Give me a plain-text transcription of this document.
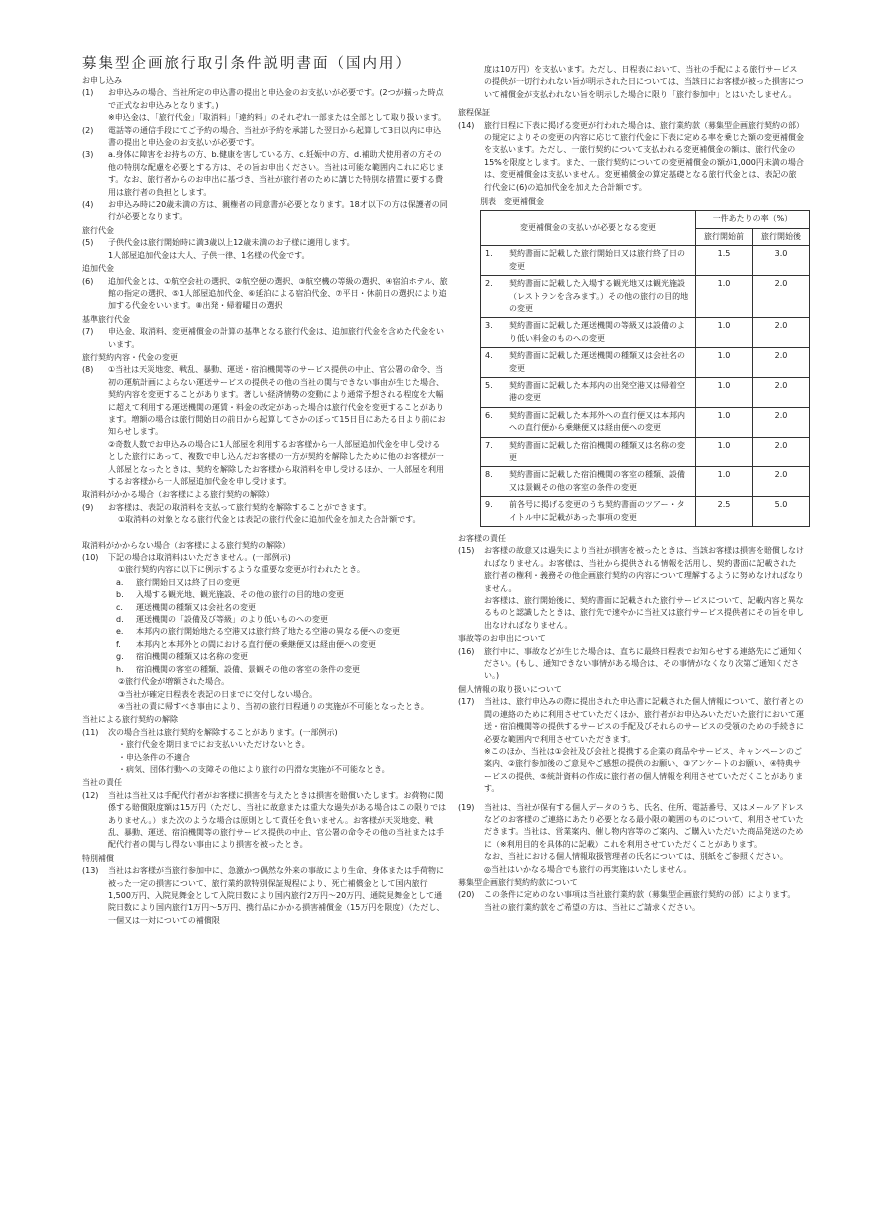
募集型企画旅行取引条件説明書面（国内用）
お申し込み
(1)	お申込みの場合、当社所定の申込書の提出と申込金のお支払いが必要です。(2つが揃った時点で正式なお申込みとなります。)

※申込金は、「旅行代金」「取消料」「違約料」のそれぞれ一部または全部として取り扱います。

(2)	電話等の通信手段にてご予約の場合、当社が予約を承諾した翌日から起算して3日以内に申込書の提出と申込金のお支払いが必要です。

(3)	a.身体に障害をお持ちの方、b.健康を害している方、c.妊娠中の方、d.補助犬使用者の方その他の特別な配慮を必要とする方は、その旨お申出ください。当社は可能な範囲内これに応じます。なお、旅行者からのお申出に基づき、当社が旅行者のために講じた特別な措置に要する費用は旅行者の負担とします。

(4)	お申込み時に20歳未満の方は、親権者の同意書が必要となります。18才以下の方は保護者の同行が必要となります。

旅行代金
(5)	子供代金は旅行開始時に満3歳以上12歳未満のお子様に適用します。

1人部屋追加代金は大人、子供一律、1名様の代金です。

追加代金
(6)	追加代金とは、①航空会社の選択、②航空便の選択、③航空機の等級の選択、④宿泊ホテル、旅館の指定の選択、⑤1人部屋追加代金、⑥延泊による宿泊代金、⑦平日・休前日の選択により追加する代金をいいます。⑧出発・帰着曜日の選択

基準旅行代金
(7)	申込金、取消料、変更補償金の計算の基準となる旅行代金は、追加旅行代金を含めた代金をいいます。

旅行契約内容・代金の変更
(8)	①当社は天災地変、戦乱、暴動、運送・宿泊機関等のサービス提供の中止、官公署の命令、当初の運航計画によらない運送サービスの提供その他の当社の関与できない事由が生じた場合、契約内容を変更することがあります。著しい経済情勢の変動により通常予想される程度を大幅に超えて利用する運送機関の運賃・料金の改定があった場合は旅行代金を変更することがあります。増額の場合は旅行開始日の前日から起算してさかのぼって15日目にあたる日より前にお知らせします。

②奇数人数でお申込みの場合に1人部屋を利用するお客様から一人部屋追加代金を申し受けるとした旅行にあって、複数で申し込んだお客様の一方が契約を解除したために他のお客様が一人部屋となったときは、契約を解除したお客様から取消料を申し受けるほか、一人部屋を利用するお客様から一人部屋追加代金を申し受けます。

取消料がかかる場合（お客様による旅行契約の解除）
(9)	お客様は、表記の取消料を支払って旅行契約を解除することができます。

①取消料の対象となる旅行代金とは表記の旅行代金に追加代金を加えた合計額です。

取消料がかからない場合（お客様による旅行契約の解除）
(10)	下記の場合は取消料はいただきません。(一部例示)

①旅行契約内容に以下に例示するような重要な変更が行われたとき。

a.	旅行開始日又は終了日の変更
b.	入場する観光地、観光施設、その他の旅行の目的地の変更
c.	運送機関の種類又は会社名の変更
d.	運送機関の「設備及び等級」のより低いものへの変更
e.	本邦内の旅行開始地たる空港又は旅行終了地たる空港の異なる便への変更
f.	本邦内と本邦外との間における直行便の乗継便又は経由便への変更
g.	宿泊機関の種類又は名称の変更
h.	宿泊機関の客室の種類、設備、景観その他の客室の条件の変更

②旅行代金が増額された場合。

③当社が確定日程表を表記の日までに交付しない場合。

④当社の責に帰すべき事由により、当初の旅行日程通りの実施が不可能となったとき。

当社による旅行契約の解除
(11)	次の場合当社は旅行契約を解除することがあります。(一部例示)

・旅行代金を期日までにお支払いいただけないとき。

・申込条件の不適合

・病気、団体行動への支障その他により旅行の円滑な実施が不可能なとき。

当社の責任
(12)	当社は当社又は手配代行者がお客様に損害を与えたときは損害を賠償いたします。お荷物に関係する賠償限度額は15万円（ただし、当社に故意または重大な過失がある場合はこの限りではありません。）また次のような場合は原則として責任を負いません。お客様が天災地変、戦乱、暴動、運送、宿泊機関等の旅行サービス提供の中止、官公署の命令その他の当社または手配代行者の関与し得ない事由により損害を被ったとき。

特別補償
(13)	当社はお客様が当旅行参加中に、急激かつ偶然な外来の事故により生命、身体または手荷物に被った一定の損害について、旅行業約款特別保証規程により、死亡補償金として国内旅行1,500万円、入院見舞金として入院日数により国内旅行2万円〜20万円、通院見舞金として通院日数により国内旅行1万円〜5万円、携行品にかかる損害補償金（15万円を限度）（ただし、一個又は一対についての補償限

度は10万円）を支払います。ただし、日程表において、当社の手配による旅行サービスの提供が一切行われない旨が明示された日については、当該日にお客様が被った損害について補償金が支払われない旨を明示した場合に限り「旅行参加中」とはいたしません。

旅程保証
(14)	旅行日程に下表に掲げる変更が行われた場合は、旅行業約款（募集型企画旅行契約の部）の規定によりその変更の内容に応じて旅行代金に下表に定める率を乗じた額の変更補償金を支払います。ただし、一旅行契約について支払われる変更補償金の額は、旅行代金の15%を限度とします。また、一旅行契約についての変更補償金の額が1,000円未満の場合は、変更補償金は支払いません。変更補償金の算定基礎となる旅行代金とは、表記の旅行代金に(6)の追加代金を加えた合計額です。

別表　変更補償金
変更補償金の支払いが必要となる変更	一件あたりの率（%）	
	旅行開始前	旅行開始後

1. 契約書面に記載した旅行開始日又は旅行終了日の変更	1.5	3.0

2. 契約書面に記載した入場する観光地又は観光施設（レストランを含みます。）その他の旅行の目的地の変更	1.0	2.0

3. 契約書面に記載した運送機関の等級又は設備のより低い料金のものへの変更	1.0	2.0

4. 契約書面に記載した運送機関の種類又は会社名の変更	1.0	2.0

5. 契約書面に記載した本邦内の出発空港又は帰着空港の変更	1.0	2.0

6. 契約書面に記載した本邦外への直行便又は本邦内への直行便から乗継便又は経由便への変更	1.0	2.0

7. 契約書面に記載した宿泊機関の種類又は名称の変更	1.0	2.0

8. 契約書面に記載した宿泊機関の客室の種類、設備又は景観その他の客室の条件の変更	1.0	2.0

9. 前各号に掲げる変更のうち契約書面のツアー・タイトル中に記載があった事項の変更	2.5	5.0
お客様の責任
(15)	お客様の故意又は過失により当社が損害を被ったときは、当該お客様は損害を賠償しなければなりません。お客様は、当社から提供される情報を活用し、契約書面に記載された旅行者の権利・義務その他企画旅行契約の内容について理解するように努めなければなりません。

お客様は、旅行開始後に、契約書面に記載された旅行サービスについて、記載内容と異なるものと認識したときは、旅行先で速やかに当社又は旅行サービス提供者にその旨を申し出なければなりません。

事故等のお申出について
(16)	旅行中に、事故などが生じた場合は、直ちに最終日程表でお知らせする連絡先にご通知ください。(もし、通知できない事情がある場合は、その事情がなくなり次第ご通知ください。)

個人情報の取り扱いについて
(17)	当社は、旅行申込みの際に提出された申込書に記載された個人情報について、旅行者との間の連絡のために利用させていただくほか、旅行者がお申込みいただいた旅行において運送・宿泊機関等の提供するサービスの手配及びそれらのサービスの受領のための手続きに必要な範囲内で利用させていただきます。

※このほか、当社は①会社及び会社と提携する企業の商品やサービス、キャンペーンのご案内、②旅行参加後のご意見やご感想の提供のお願い、③アンケートのお願い、④特典サービスの提供、⑤統計資料の作成に旅行者の個人情報を利用させていただくことがあります。

(19)	当社は、当社が保有する個人データのうち、氏名、住所、電話番号、又はメールアドレスなどのお客様のご連絡にあたり必要となる最小限の範囲のものについて、利用させていただきます。当社は、営業案内、催し物内容等のご案内、ご購入いただいた商品発送のために（※利用目的を具体的に記載）これを利用させていただくことがあります。

なお、当社における個人情報取扱管理者の氏名については、別紙をご参照ください。

◎当社はいかなる場合でも旅行の再実施はいたしません。

募集型企画旅行契約約款について
(20)	この条件に定めのない事項は当社旅行業約款（募集型企画旅行契約の部）によります。

当社の旅行業約款をご希望の方は、当社にご請求ください。
